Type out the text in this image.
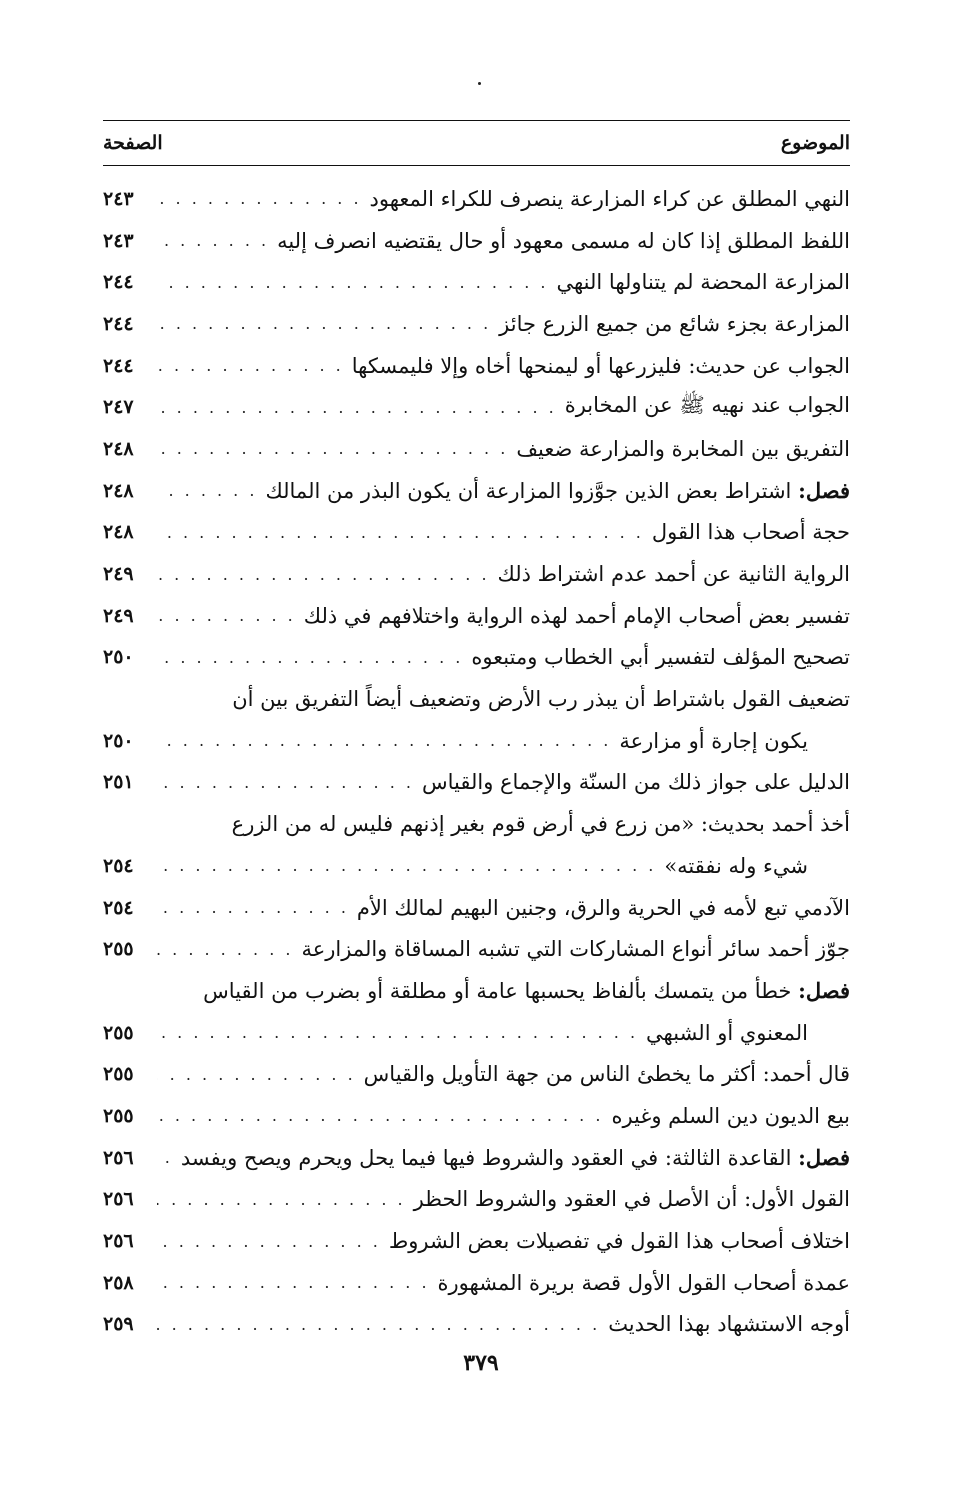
الموضوع
الصفحة
النهي المطلق عن كراء المزارعة ينصرف للكراء المعهود
. . .
٢٤٣
اللفظ المطلق إذا كان له مسمى معهود أو حال يقتضيه انصرف إليه
. . .
٢٤٣
المزارعة المحضة لم يتناولها النهي
. . .
٢٤٤
المزارعة بجزء شائع من جميع الزرع جائز
. . .
٢٤٤
الجواب عن حديث: فليزرعها أو ليمنحها أخاه وإلا فليمسكها
. . .
٢٤٤
الجواب عند نهيه ﷺ عن المخابرة
. . .
٢٤٧
التفريق بين المخابرة والمزارعة ضعيف
. . .
٢٤٨
فصل: اشتراط بعض الذين جوَّزوا المزارعة أن يكون البذر من المالك
. . .
٢٤٨
حجة أصحاب هذا القول
. . .
٢٤٨
الرواية الثانية عن أحمد عدم اشتراط ذلك
. . .
٢٤٩
تفسير بعض أصحاب الإمام أحمد لهذه الرواية واختلافهم في ذلك
. . .
٢٤٩
تصحيح المؤلف لتفسير أبي الخطاب ومتبعوه
. . .
٢٥٠
تضعيف القول باشتراط أن يبذر رب الأرض وتضعيف أيضاً التفريق بين أن
يكون إجارة أو مزارعة
. . .
٢٥٠
الدليل على جواز ذلك من السنّة والإجماع والقياس
. . .
٢٥١
أخذ أحمد بحديث: «من زرع في أرض قوم بغير إذنهم فليس له من الزرع
شيء وله نفقته»
. . .
٢٥٤
الآدمي تبع لأمه في الحرية والرق، وجنين البهيم لمالك الأم
. . .
٢٥٤
جوّز أحمد سائر أنواع المشاركات التي تشبه المساقاة والمزارعة
. . .
٢٥٥
فصل: خطأ من يتمسك بألفاظ يحسبها عامة أو مطلقة أو بضرب من القياس
المعنوي أو الشبهي
. . .
٢٥٥
قال أحمد: أكثر ما يخطئ الناس من جهة التأويل والقياس
. . .
٢٥٥
بيع الديون دين السلم وغيره
. . .
٢٥٥
فصل: القاعدة الثالثة: في العقود والشروط فيها فيما يحل ويحرم ويصح ويفسد
. . .
٢٥٦
القول الأول: أن الأصل في العقود والشروط الحظر
. . .
٢٥٦
اختلاف أصحاب هذا القول في تفصيلات بعض الشروط
. . .
٢٥٦
عمدة أصحاب القول الأول قصة بريرة المشهورة
. . .
٢٥٨
أوجه الاستشهاد بهذا الحديث
. . .
٢٥٩
٣٧٩
